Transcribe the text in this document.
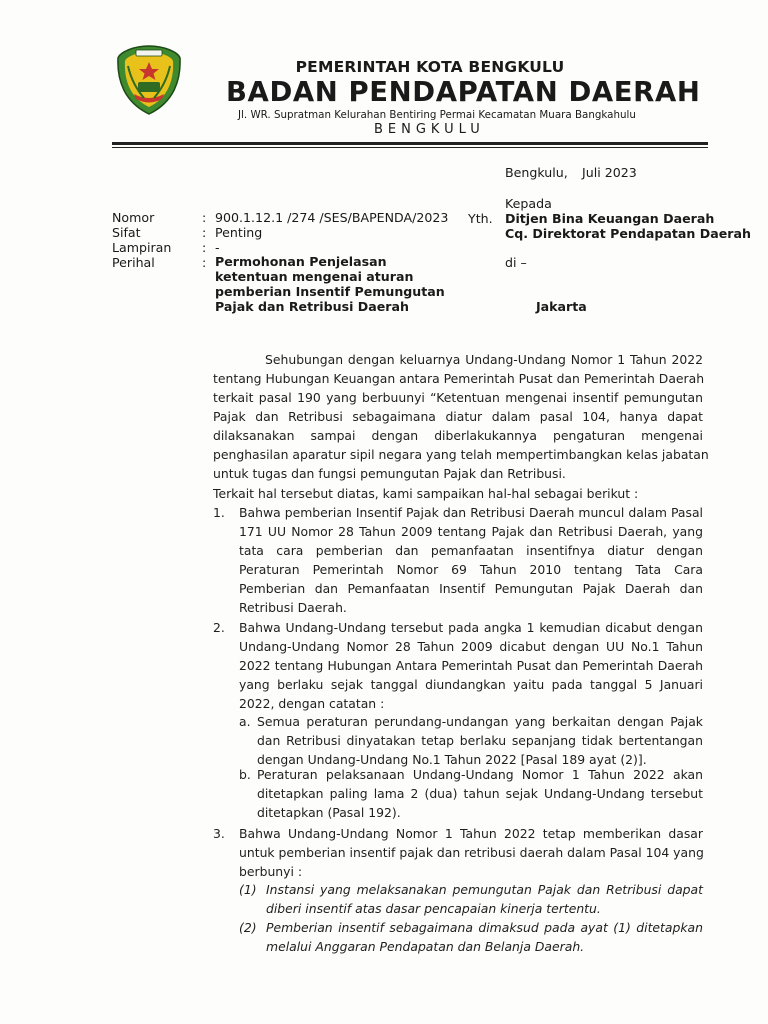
PEMERINTAH KOTA BENGKULU
BADAN PENDAPATAN DAERAH
Jl. WR. Supratman Kelurahan Bentiring Permai Kecamatan Muara Bangkahulu
BENGKULU
Bengkulu, Juli 2023
Kepada
Yth. Ditjen Bina Keuangan Daerah
Cq. Direktorat Pendapatan Daerah
di –
Jakarta
Nomor
Sifat
Lampiran
Perihal
:
:
:
:
900.1.12.1 /274 /SES/BAPENDA/2023
Penting
-
Permohonan Penjelasan
ketentuan mengenai aturan
pemberian Insentif Pemungutan
Pajak dan Retribusi Daerah
Sehubungan dengan keluarnya Undang-Undang Nomor 1 Tahun 2022
tentang Hubungan Keuangan antara Pemerintah Pusat dan Pemerintah Daerah
terkait pasal 190 yang berbuunyi “Ketentuan mengenai insentif pemungutan
Pajak dan Retribusi sebagaimana diatur dalam pasal 104, hanya dapat
dilaksanakan sampai dengan diberlakukannya pengaturan mengenai
penghasilan aparatur sipil negara yang telah mempertimbangkan kelas jabatan
untuk tugas dan fungsi pemungutan Pajak dan Retribusi.
Terkait hal tersebut diatas, kami sampaikan hal-hal sebagai berikut :
1. Bahwa pemberian Insentif Pajak dan Retribusi Daerah muncul dalam Pasal
171 UU Nomor 28 Tahun 2009 tentang Pajak dan Retribusi Daerah, yang
tata cara pemberian dan pemanfaatan insentifnya diatur dengan
Peraturan Pemerintah Nomor 69 Tahun 2010 tentang Tata Cara
Pemberian dan Pemanfaatan Insentif Pemungutan Pajak Daerah dan
Retribusi Daerah.
2. Bahwa Undang-Undang tersebut pada angka 1 kemudian dicabut dengan
Undang-Undang Nomor 28 Tahun 2009 dicabut dengan UU No.1 Tahun
2022 tentang Hubungan Antara Pemerintah Pusat dan Pemerintah Daerah
yang berlaku sejak tanggal diundangkan yaitu pada tanggal 5 Januari
2022, dengan catatan :
a. Semua peraturan perundang-undangan yang berkaitan dengan Pajak
dan Retribusi dinyatakan tetap berlaku sepanjang tidak bertentangan
dengan Undang-Undang No.1 Tahun 2022 [Pasal 189 ayat (2)].
b. Peraturan pelaksanaan Undang-Undang Nomor 1 Tahun 2022 akan
ditetapkan paling lama 2 (dua) tahun sejak Undang-Undang tersebut
ditetapkan (Pasal 192).
3. Bahwa Undang-Undang Nomor 1 Tahun 2022 tetap memberikan dasar
untuk pemberian insentif pajak dan retribusi daerah dalam Pasal 104 yang
berbunyi :
(1) Instansi yang melaksanakan pemungutan Pajak dan Retribusi dapat
diberi insentif atas dasar pencapaian kinerja tertentu.
(2) Pemberian insentif sebagaimana dimaksud pada ayat (1) ditetapkan
melalui Anggaran Pendapatan dan Belanja Daerah.
